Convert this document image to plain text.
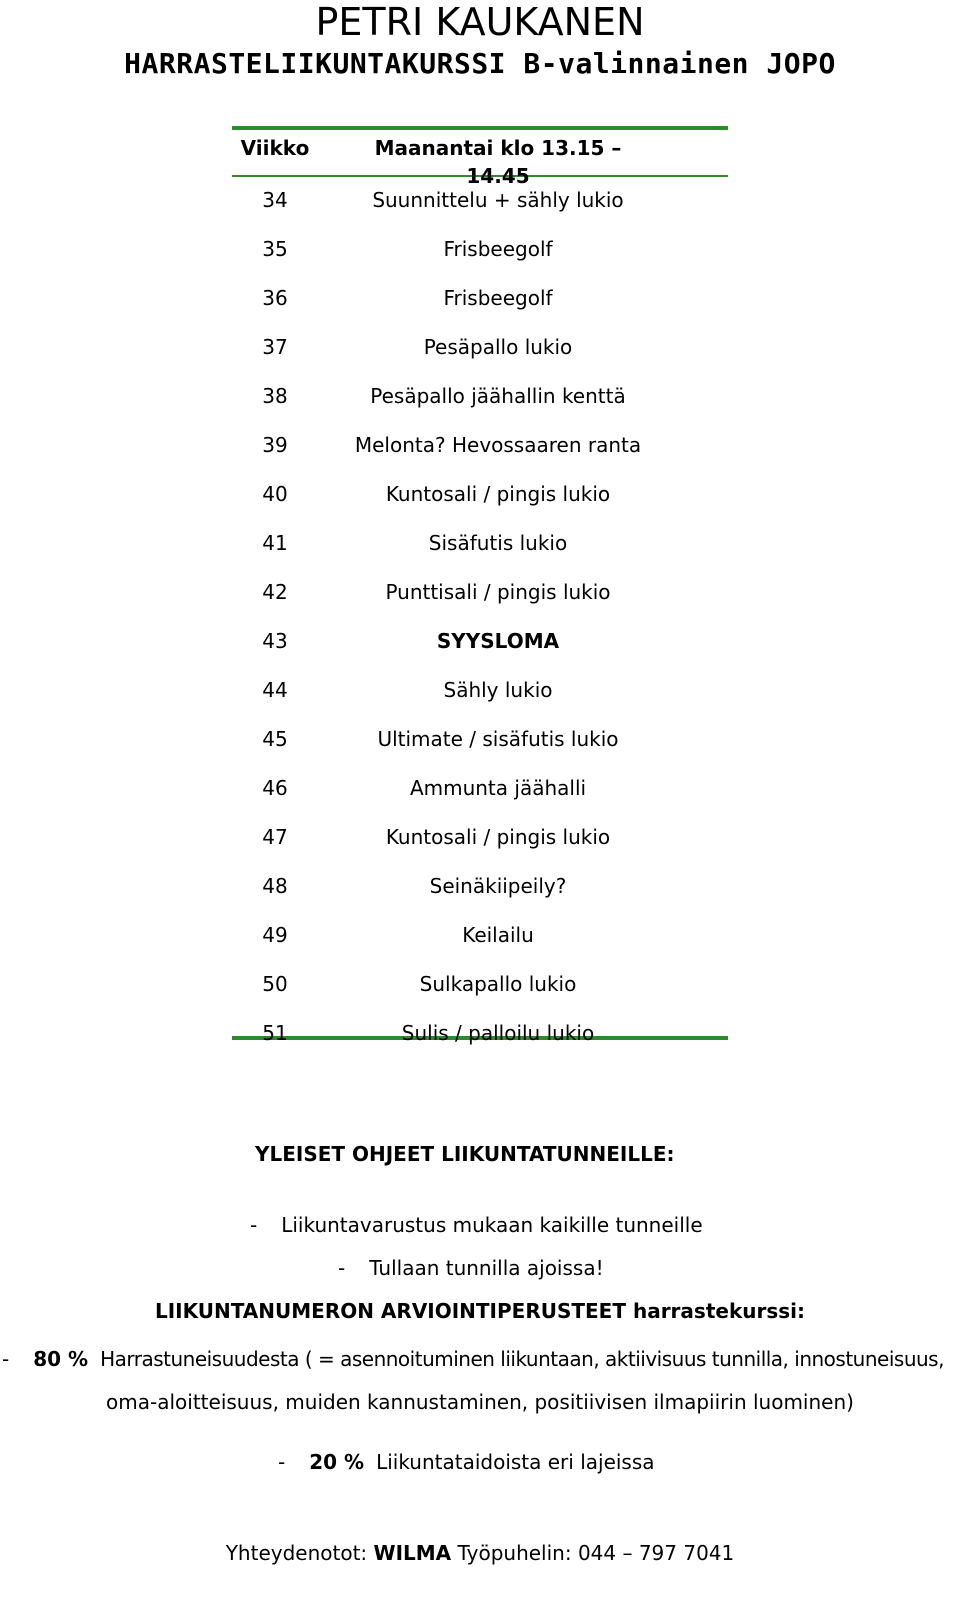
PETRI KAUKANEN
HARRASTELIIKUNTAKURSSI B-valinnainen JOPO
Viikko	Maanantai klo 13.15 – 14.45
34	Suunnittelu + sähly lukio
35	Frisbeegolf
36	Frisbeegolf
37	Pesäpallo lukio
38	Pesäpallo jäähallin kenttä
39	Melonta? Hevossaaren ranta
40	Kuntosali / pingis lukio
41	Sisäfutis lukio
42	Punttisali / pingis lukio
43	SYYSLOMA
44	Sähly lukio
45	Ultimate / sisäfutis lukio
46	Ammunta jäähalli
47	Kuntosali / pingis lukio
48	Seinäkiipeily?
49	Keilailu
50	Sulkapallo lukio
51	Sulis / palloilu lukio
YLEISET OHJEET LIIKUNTATUNNEILLE:
- Liikuntavarustus mukaan kaikille tunneille
- Tullaan tunnilla ajoissa!
LIIKUNTANUMERON ARVIOINTIPERUSTEET harrastekurssi:
- 80 % Harrastuneisuudesta ( = asennoituminen liikuntaan, aktiivisuus tunnilla, innostuneisuus,
oma-aloitteisuus, muiden kannustaminen, positiivisen ilmapiirin luominen)
- 20 % Liikuntataidoista eri lajeissa
Yhteydenotot: WILMA Työpuhelin: 044 – 797 7041
